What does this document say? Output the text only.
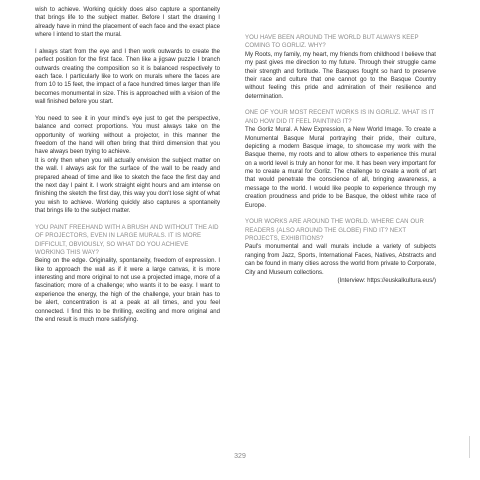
wish to achieve. Working quickly does also capture a spontaneity that brings life to the subject matter. Before I start the drawing I already have in mind the placement of each face and the exact place where I intend to start the mural.

I always start from the eye and I then work outwards to create the perfect position for the first face. Then like a jigsaw puzzle I branch outwards creating the composition so it is balanced respectively to each face. I particularly like to work on murals where the faces are from 10 to 15 feet, the impact of a face hundred times larger than life becomes monumental in size. This is approached with a vision of the wall finished before you start.

You need to see it in your mind's eye just to get the perspective, balance and correct proportions. You must always take on the opportunity of working without a projector, in this manner the freedom of the hand will often bring that third dimension that you have always been trying to achieve.

It is only then when you will actually envision the subject matter on the wall. I always ask for the surface of the wall to be ready and prepared ahead of time and like to sketch the face the first day and the next day I paint it. I work straight eight hours and am intense on finishing the sketch the first day, this way you don't lose sight of what you wish to achieve. Working quickly also captures a spontaneity that brings life to the subject matter.

YOU PAINT FREEHAND WITH A BRUSH AND WITHOUT THE AID OF PROJECTORS, EVEN IN LARGE MURALS. IT IS MORE DIFFICULT, OBVIOUSLY, SO WHAT DO YOU ACHIEVE WORKING THIS WAY?

Being on the edge. Originality, spontaneity, freedom of expression. I like to approach the wall as if it were a large canvas, it is more interesting and more original to not use a projected image, more of a fascination; more of a challenge; who wants it to be easy. I want to experience the energy, the high of the challenge, your brain has to be alert, concentration is at a peak at all times, and you feel connected. I find this to be thrilling, exciting and more original and the end result is much more satisfying.

YOU HAVE BEEN AROUND THE WORLD BUT ALWAYS KEEP COMING TO GORLIZ. WHY?

My Roots, my family, my heart, my friends from childhood I believe that my past gives me direction to my future. Through their struggle came their strength and fortitude. The Basques fought so hard to preserve their race and culture that one cannot go to the Basque Country without feeling this pride and admiration of their resilience and determination.

ONE OF YOUR MOST RECENT WORKS IS IN GORLIZ. WHAT IS IT AND HOW DID IT FEEL PAINTING IT?

The Gorliz Mural. A New Expression, a New World Image. To create a Monumental Basque Mural portraying their pride, their culture, depicting a modern Basque image, to showcase my work with the Basque theme, my roots and to allow others to experience this mural on a world level is truly an honor for me. It has been very important for me to create a mural for Gorliz. The challenge to create a work of art that would penetrate the conscience of all, bringing awareness, a message to the world. I would like people to experience through my creation proudness and pride to be Basque, the oldest white race of Europe.

YOUR WORKS ARE AROUND THE WORLD. WHERE CAN OUR READERS (ALSO AROUND THE GLOBE) FIND IT? NEXT PROJECTS, EXHIBITIONS?

Paul's monumental and wall murals include a variety of subjects ranging from Jazz, Sports, International Faces, Natives, Abstracts and can be found in many cities across the world from private to Corporate, City and Museum collections.

(Interview: https://euskalkultura.eus/)

329
